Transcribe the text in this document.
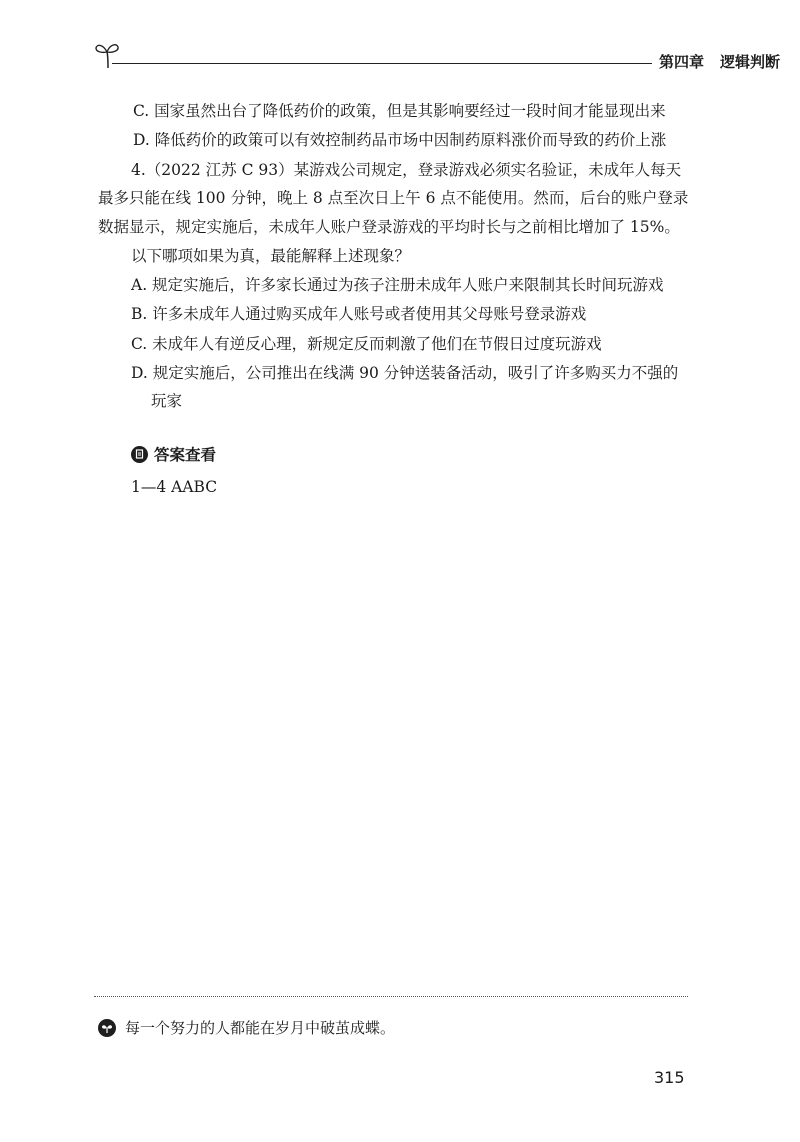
第四章 逻辑判断
C. 国家虽然出台了降低药价的政策，但是其影响要经过一段时间才能显现出来
D. 降低药价的政策可以有效控制药品市场中因制药原料涨价而导致的药价上涨
4.（2022 江苏 C 93）某游戏公司规定，登录游戏必须实名验证，未成年人每天
最多只能在线 100 分钟，晚上 8 点至次日上午 6 点不能使用。然而，后台的账户登录
数据显示，规定实施后，未成年人账户登录游戏的平均时长与之前相比增加了 15%。
以下哪项如果为真，最能解释上述现象？
A. 规定实施后，许多家长通过为孩子注册未成年人账户来限制其长时间玩游戏
B. 许多未成年人通过购买成年人账号或者使用其父母账号登录游戏
C. 未成年人有逆反心理，新规定反而刺激了他们在节假日过度玩游戏
D. 规定实施后，公司推出在线满 90 分钟送装备活动，吸引了许多购买力不强的
玩家
答案查看
1—4 AABC
每一个努力的人都能在岁月中破茧成蝶。
315
